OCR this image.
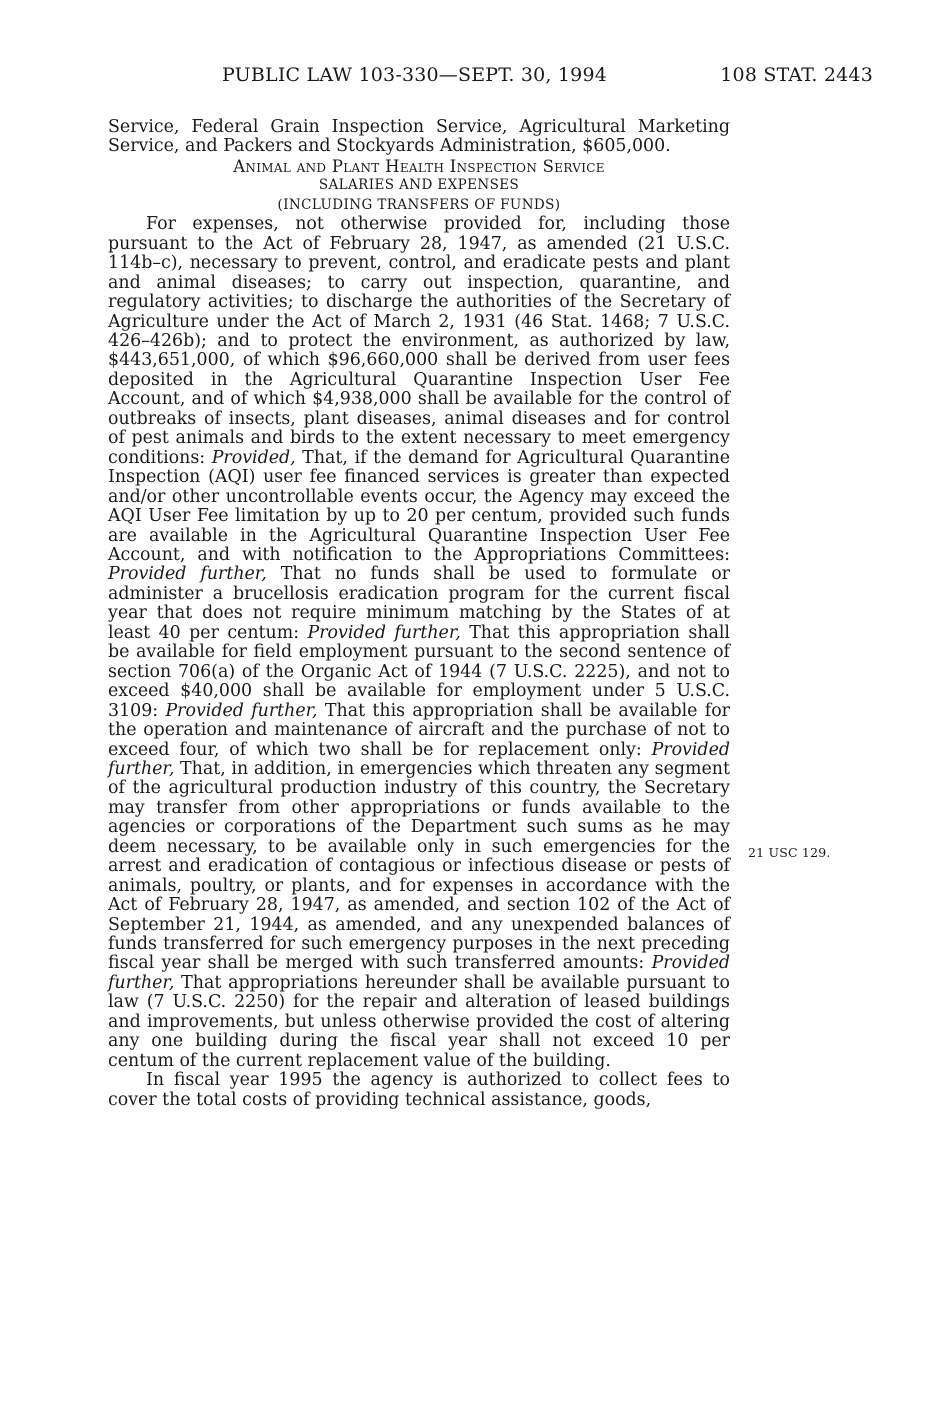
PUBLIC LAW 103-330—SEPT. 30, 1994	108 STAT. 2443

Service, Federal Grain Inspection Service, Agricultural Marketing Service, and Packers and Stockyards Administration, $605,000.

Animal and Plant Health Inspection Service

SALARIES AND EXPENSES

(INCLUDING TRANSFERS OF FUNDS)

For expenses, not otherwise provided for, including those pursuant to the Act of February 28, 1947, as amended (21 U.S.C. 114b–c), necessary to prevent, control, and eradicate pests and plant and animal diseases; to carry out inspection, quarantine, and regulatory activities; to discharge the authorities of the Secretary of Agriculture under the Act of March 2, 1931 (46 Stat. 1468; 7 U.S.C. 426–426b); and to protect the environment, as authorized by law, $443,651,000, of which $96,660,000 shall be derived from user fees deposited in the Agricultural Quarantine Inspection User Fee Account, and of which $4,938,000 shall be available for the control of outbreaks of insects, plant diseases, animal diseases and for control of pest animals and birds to the extent necessary to meet emergency conditions: Provided, That, if the demand for Agricultural Quarantine Inspection (AQI) user fee financed services is greater than expected and/or other uncontrollable events occur, the Agency may exceed the AQI User Fee limitation by up to 20 per centum, provided such funds are available in the Agricultural Quarantine Inspection User Fee Account, and with notification to the Appropriations Committees: Provided further, That no funds shall be used to formulate or administer a brucellosis eradication program for the current fiscal year that does not require minimum matching by the States of at least 40 per centum: Provided further, That this appropriation shall be available for field employment pursuant to the second sentence of section 706(a) of the Organic Act of 1944 (7 U.S.C. 2225), and not to exceed $40,000 shall be available for employment under 5 U.S.C. 3109: Provided further, That this appropriation shall be available for the operation and maintenance of aircraft and the purchase of not to exceed four, of which two shall be for replacement only: Provided further, That, in addition, in emergencies which threaten any segment of the agricultural production industry of this country, the Secretary may transfer from other appropriations or funds available to the agencies or corporations of the Department such sums as he may deem necessary, to be available only in such emergencies for the arrest and eradication of contagious or infectious disease or pests of animals, poultry, or plants, and for expenses in accordance with the Act of February 28, 1947, as amended, and section 102 of the Act of September 21, 1944, as amended, and any unexpended balances of funds transferred for such emergency purposes in the next preceding fiscal year shall be merged with such transferred amounts: Provided further, That appropriations hereunder shall be available pursuant to law (7 U.S.C. 2250) for the repair and alteration of leased buildings and improvements, but unless otherwise provided the cost of altering any one building during the fiscal year shall not exceed 10 per centum of the current replacement value of the building.

In fiscal year 1995 the agency is authorized to collect fees to cover the total costs of providing technical assistance, goods,

21 USC 129.
